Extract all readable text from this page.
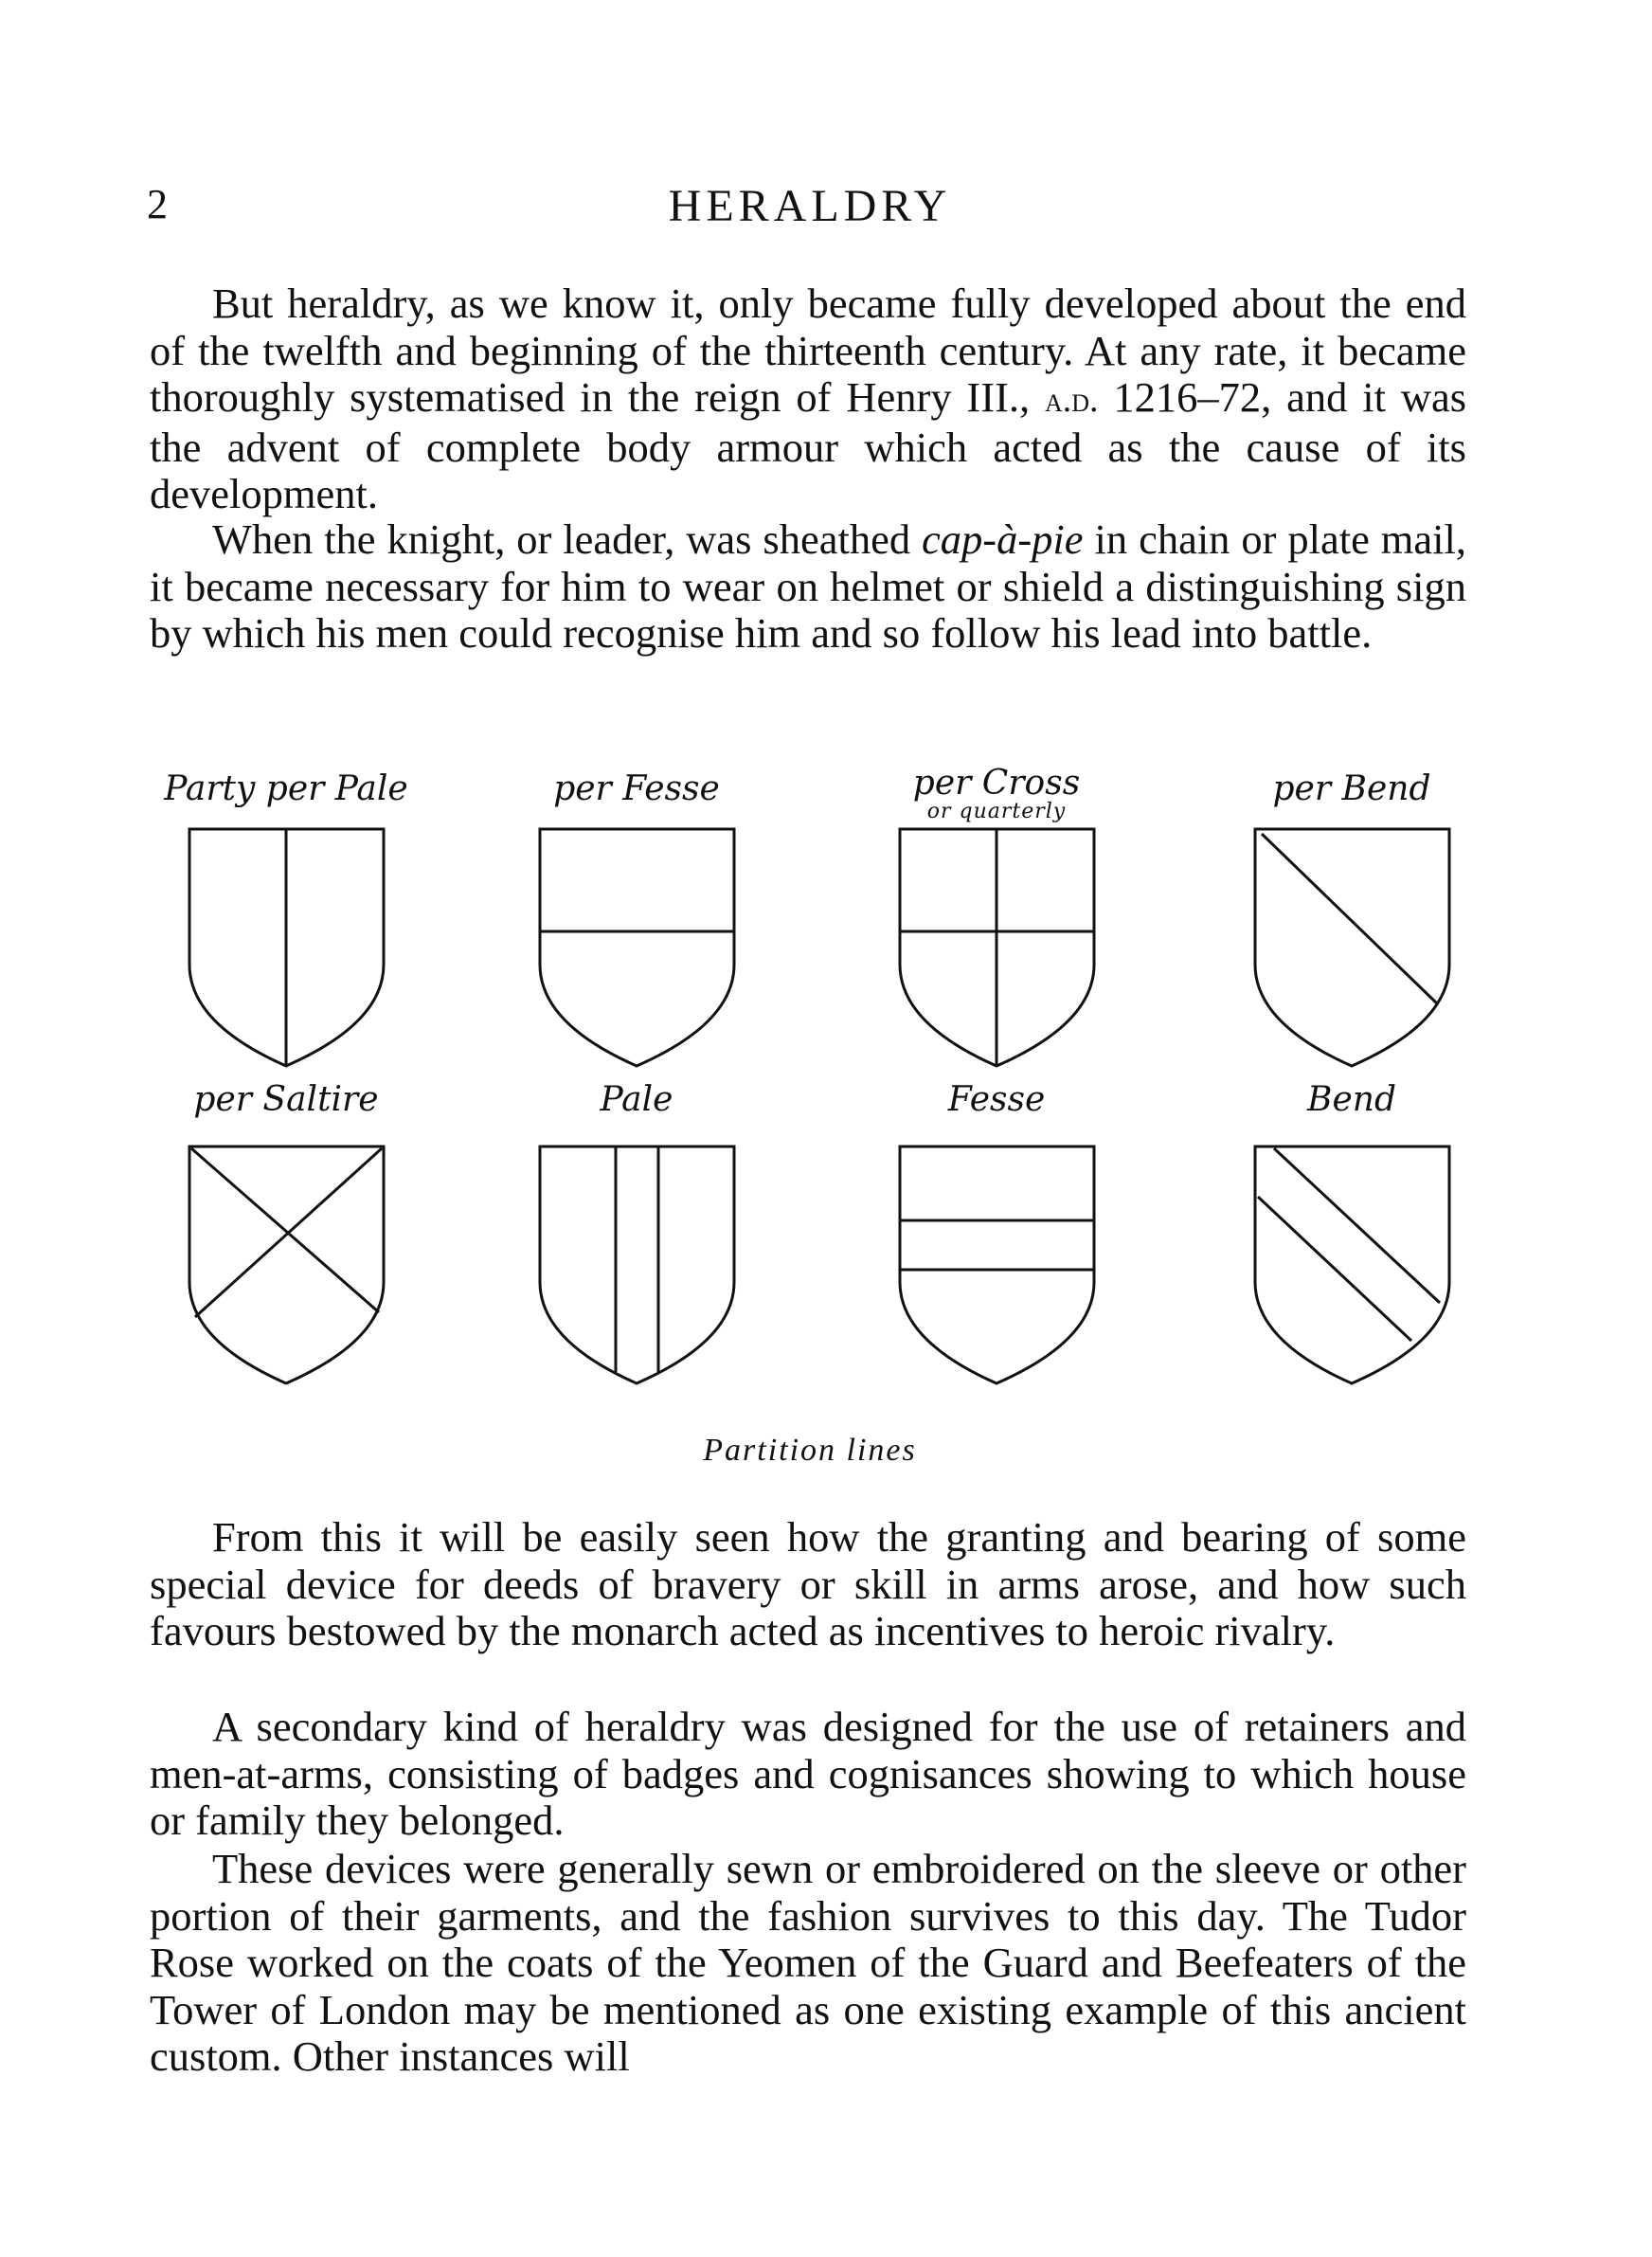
2	HERALDRY

But heraldry, as we know it, only became fully developed about the end of the twelfth and beginning of the thirteenth century. At any rate, it became thoroughly systematised in the reign of Henry III., a.d. 1216–72, and it was the advent of complete body armour which acted as the cause of its development.

When the knight, or leader, was sheathed cap-à-pie in chain or plate mail, it became necessary for him to wear on helmet or shield a distinguishing sign by which his men could recognise him and so follow his lead into battle.

Party per Pale	per Fesse	per Cross
or quarterly
per Bend
per Saltire	Pale	Fesse	Bend
Partition lines

From this it will be easily seen how the granting and bearing of some special device for deeds of bravery or skill in arms arose, and how such favours bestowed by the monarch acted as incentives to heroic rivalry.

A secondary kind of heraldry was designed for the use of retainers and men-at-arms, consisting of badges and cognisances showing to which house or family they belonged.

These devices were generally sewn or embroidered on the sleeve or other portion of their garments, and the fashion survives to this day. The Tudor Rose worked on the coats of the Yeomen of the Guard and Beefeaters of the Tower of London may be mentioned as one existing example of this ancient custom. Other instances will
